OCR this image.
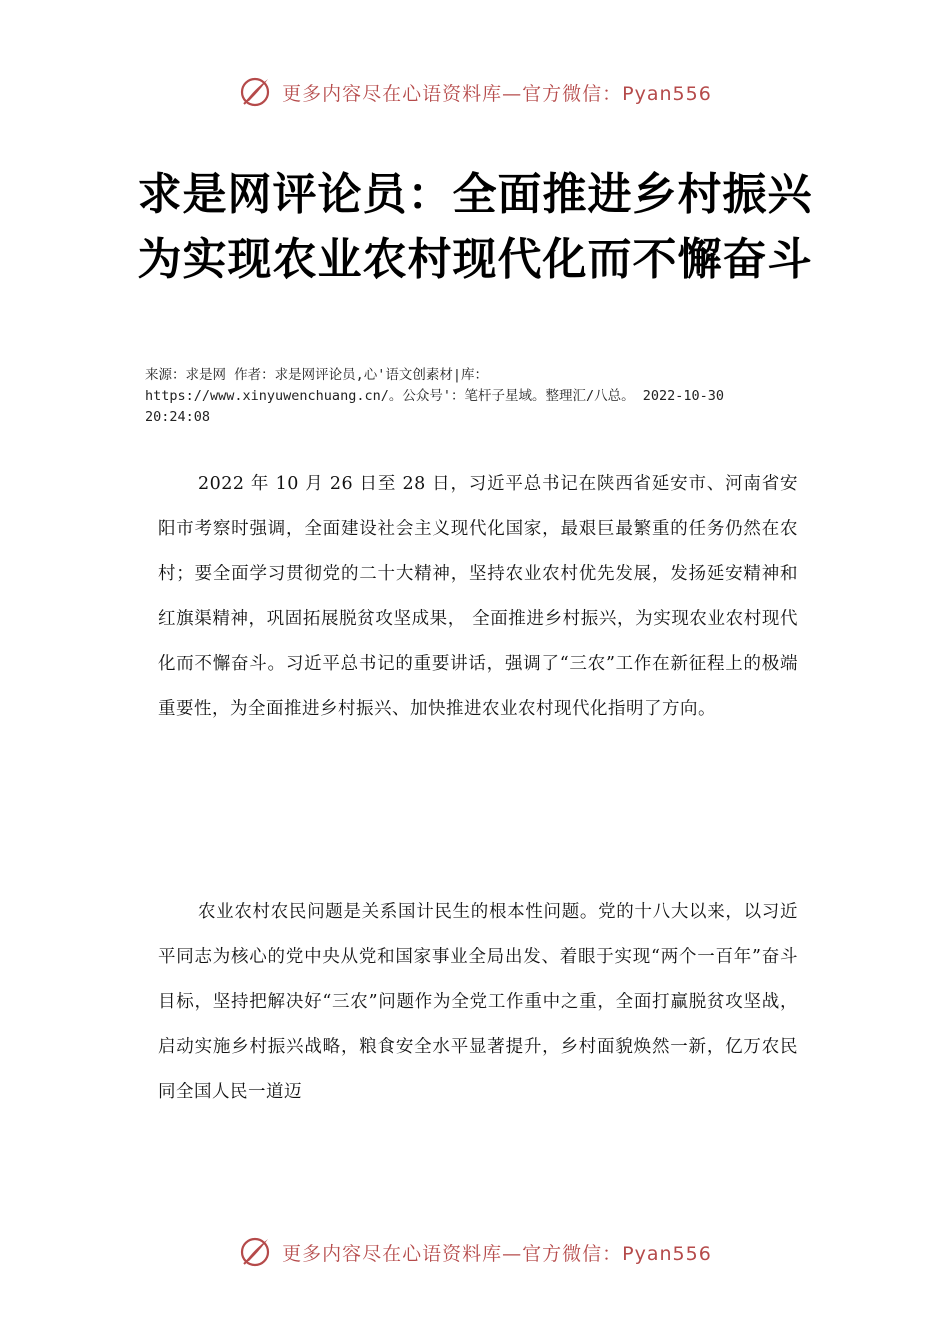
更多内容尽在心语资料库—官方微信：Pyan556
求是网评论员：全面推进乡村振兴 为实现农业农村现代化而不懈奋斗
来源：求是网 作者：求是网评论员,心'语文创素材|库：
https://www.xinyuwenchuang.cn/。公众号'：笔杆子星域。整理汇/八总。 2022-10-30
20:24:08

2022 年 10 月 26 日至 28 日，习近平总书记在陕西省延安市、河南省安阳市考察时强调，全面建设社会主义现代化国家，最艰巨最繁重的任务仍然在农村；要全面学习贯彻党的二十大精神，坚持农业农村优先发展，发扬延安精神和红旗渠精神，巩固拓展脱贫攻坚成果， 全面推进乡村振兴，为实现农业农村现代化而不懈奋斗。习近平总书记的重要讲话，强调了“三农”工作在新征程上的极端重要性，为全面推进乡村振兴、加快推进农业农村现代化指明了方向。

农业农村农民问题是关系国计民生的根本性问题。党的十八大以来，以习近平同志为核心的党中央从党和国家事业全局出发、着眼于实现“两个一百年”奋斗目标，坚持把解决好“三农”问题作为全党工作重中之重，全面打赢脱贫攻坚战，启动实施乡村振兴战略，粮食安全水平显著提升，乡村面貌焕然一新，亿万农民同全国人民一道迈

更多内容尽在心语资料库—官方微信：Pyan556
